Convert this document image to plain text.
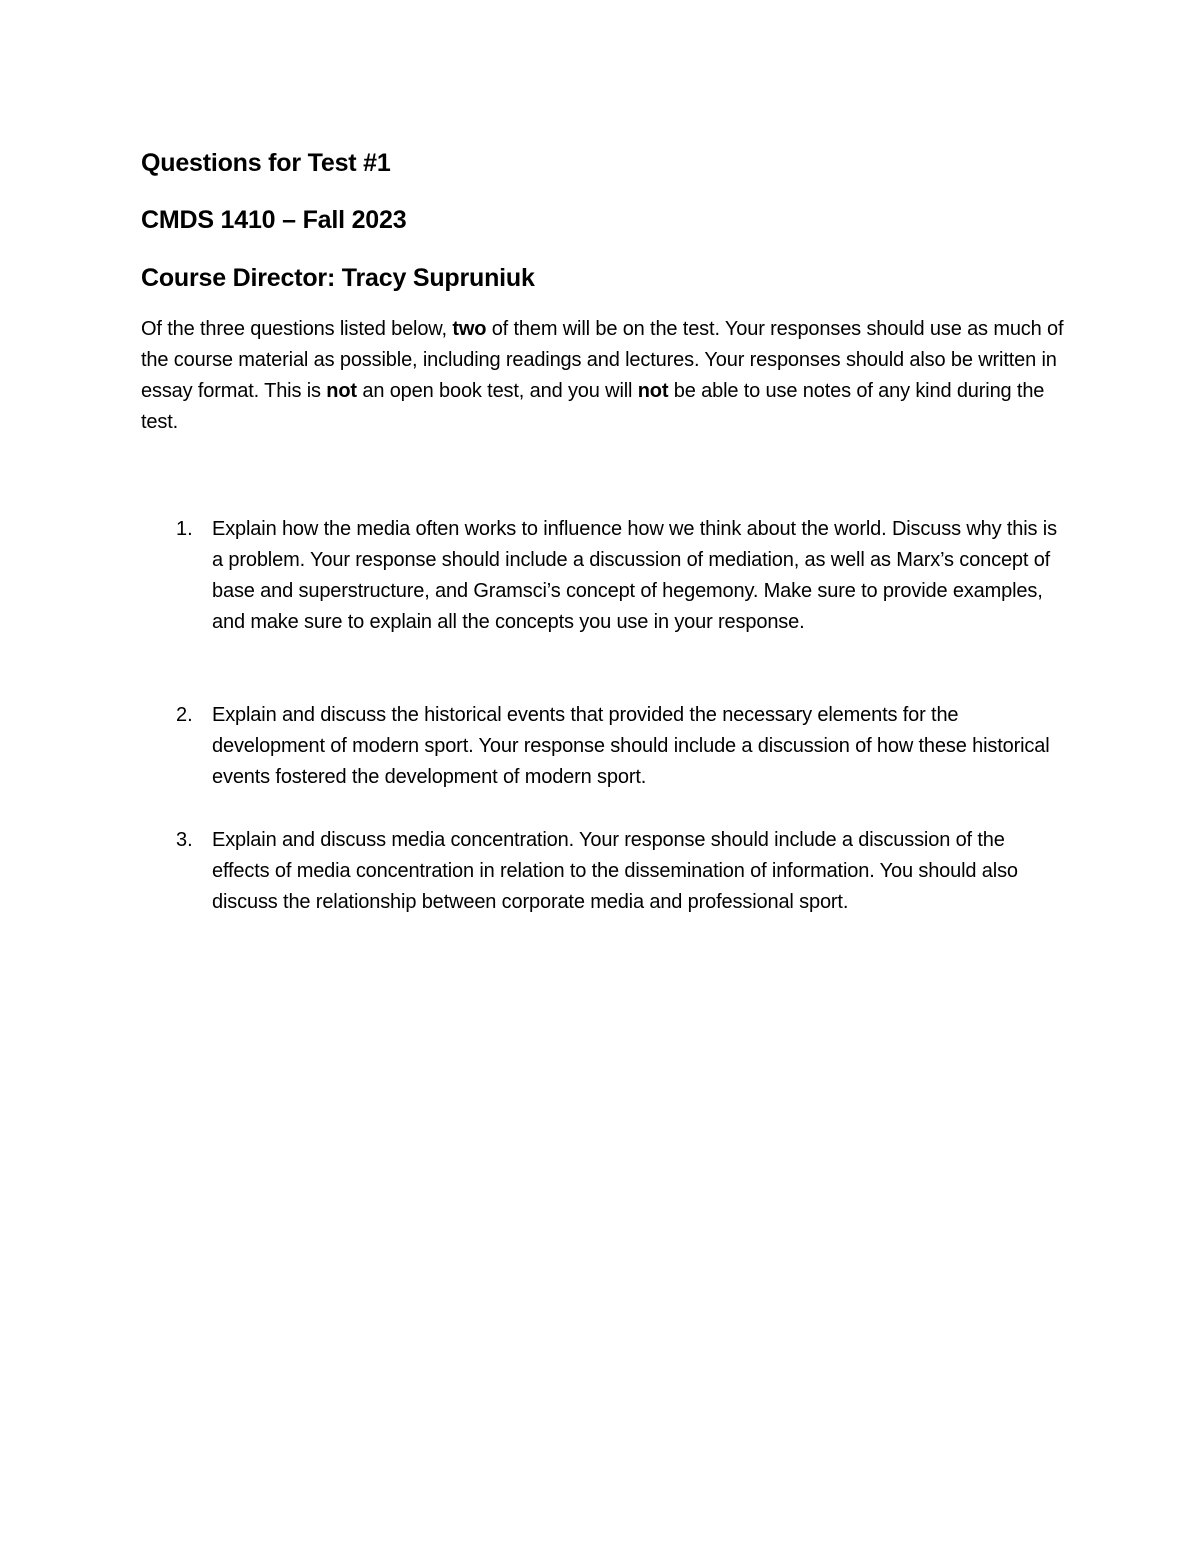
Questions for Test #1
CMDS 1410 – Fall 2023
Course Director: Tracy Supruniuk

Of the three questions listed below, two of them will be on the test. Your responses should use as much of the course material as possible, including readings and lectures. Your responses should also be written in essay format. This is not an open book test, and you will not be able to use notes of any kind during the test.

1. Explain how the media often works to influence how we think about the world. Discuss why this is a problem. Your response should include a discussion of mediation, as well as Marx’s concept of base and superstructure, and Gramsci’s concept of hegemony. Make sure to provide examples, and make sure to explain all the concepts you use in your response.
2. Explain and discuss the historical events that provided the necessary elements for the development of modern sport. Your response should include a discussion of how these historical events fostered the development of modern sport.
3. Explain and discuss media concentration. Your response should include a discussion of the effects of media concentration in relation to the dissemination of information. You should also discuss the relationship between corporate media and professional sport.
